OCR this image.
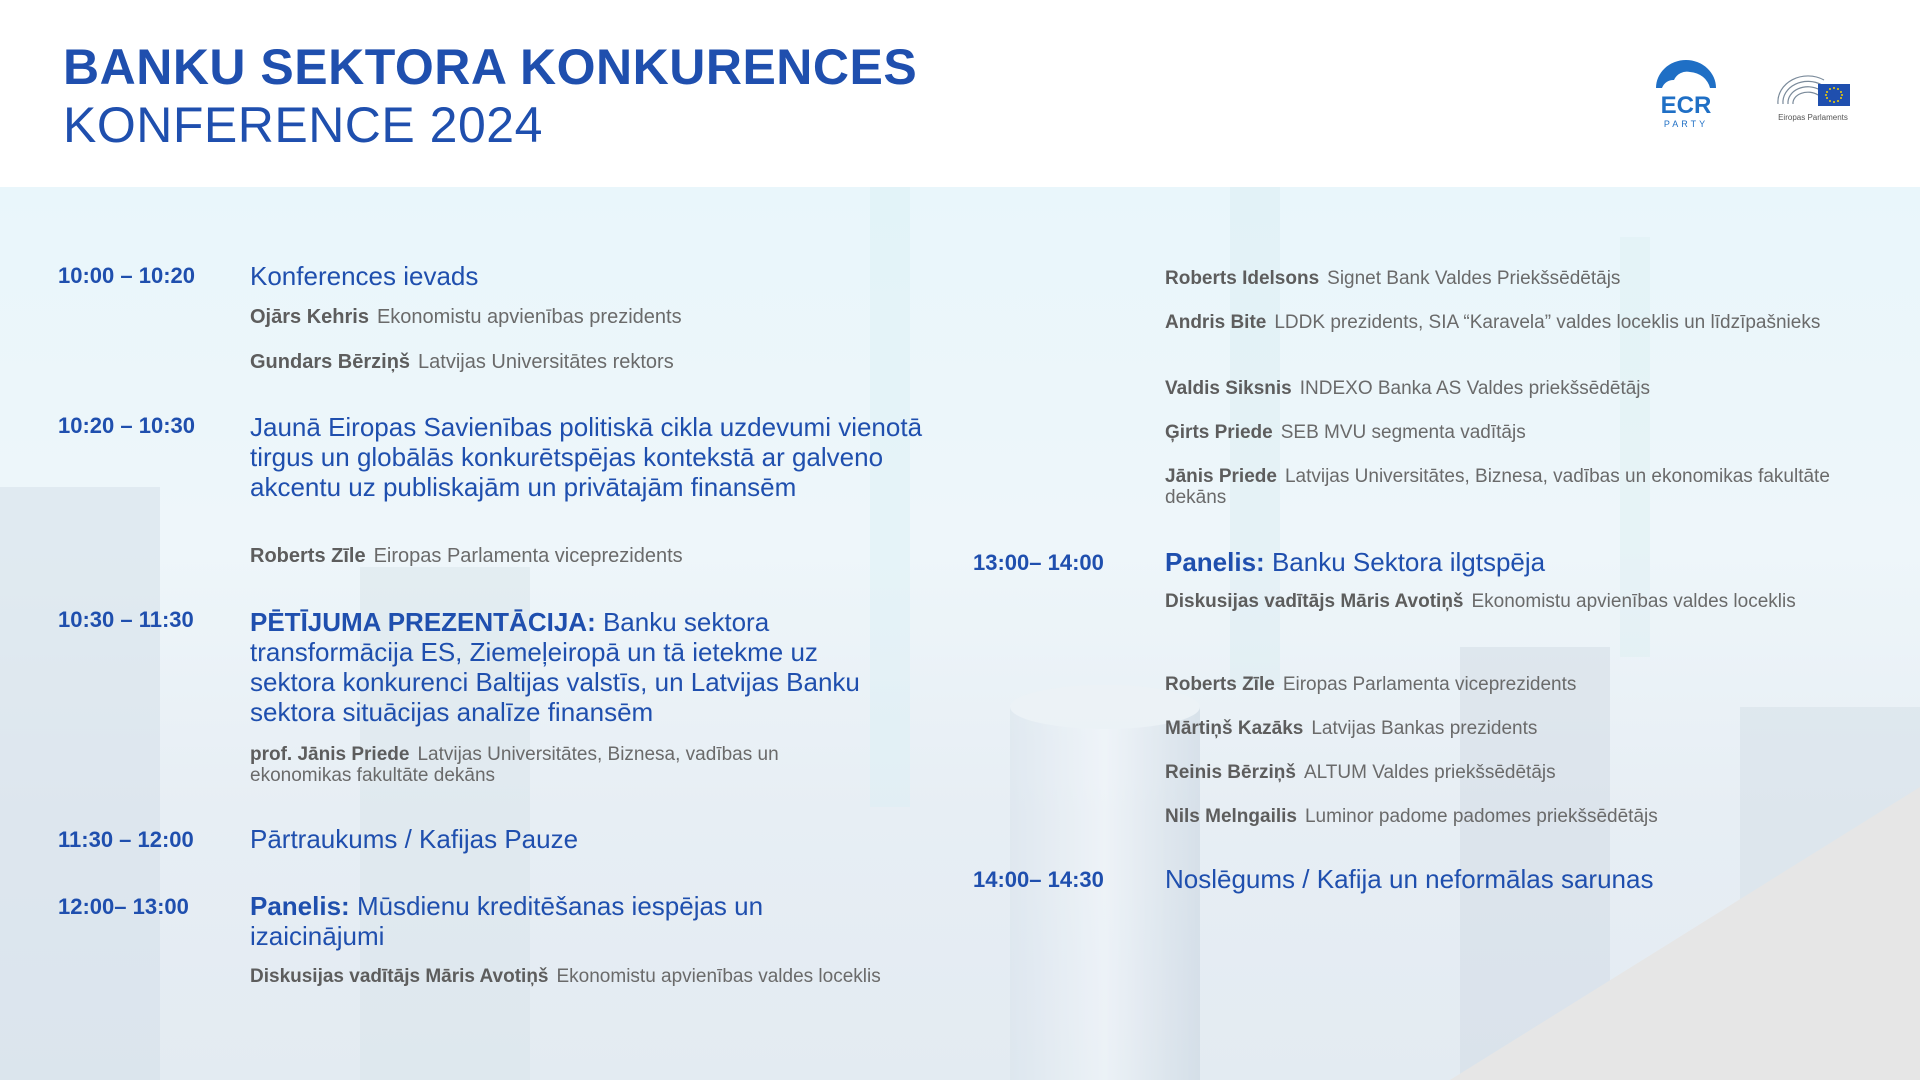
BANKU SEKTORA KONKURENCES
KONFERENCE 2024	ECR
PARTY
Eiropas Parlaments
10:00 – 10:20 Konferences ievads
Ojārs Kehris Ekonomistu apvienības prezidents
Gundars Bērziņš Latvijas Universitātes rektors
10:20 – 10:30 Jaunā Eiropas Savienības politiskā cikla uzdevumi vienotā tirgus un globālās konkurētspējas kontekstā ar galveno akcentu uz publiskajām un privātajām finansēm
Roberts Zīle Eiropas Parlamenta viceprezidents
10:30 – 11:30 PĒTĪJUMA PREZENTĀCIJA: Banku sektora transformācija ES, Ziemeļeiropā un tā ietekme uz sektora konkurenci Baltijas valstīs, un Latvijas Banku sektora situācijas analīze finansēm
prof. Jānis Priede Latvijas Universitātes, Biznesa, vadības un ekonomikas fakultāte dekāns
11:30 – 12:00 Pārtraukums / Kafijas Pauze
12:00– 13:00 Panelis: Mūsdienu kreditēšanas iespējas un izaicinājumi
Diskusijas vadītājs Māris Avotiņš Ekonomistu apvienības valdes loceklis
Roberts Idelsons Signet Bank Valdes Priekšsēdētājs
Andris Bite LDDK prezidents, SIA “Karavela” valdes loceklis un līdzīpašnieks
Valdis Siksnis INDEXO Banka AS Valdes priekšsēdētājs
Ģirts Priede SEB MVU segmenta vadītājs
Jānis Priede Latvijas Universitātes, Biznesa, vadības un ekonomikas fakultāte dekāns
13:00– 14:00 Panelis: Banku Sektora ilgtspēja
Diskusijas vadītājs Māris Avotiņš Ekonomistu apvienības valdes loceklis
Roberts Zīle Eiropas Parlamenta viceprezidents
Mārtiņš Kazāks Latvijas Bankas prezidents
Reinis Bērziņš ALTUM Valdes priekšsēdētājs
Nils Melngailis Luminor padome padomes priekšsēdētājs
14:00– 14:30 Noslēgums / Kafija un neformālas sarunas
